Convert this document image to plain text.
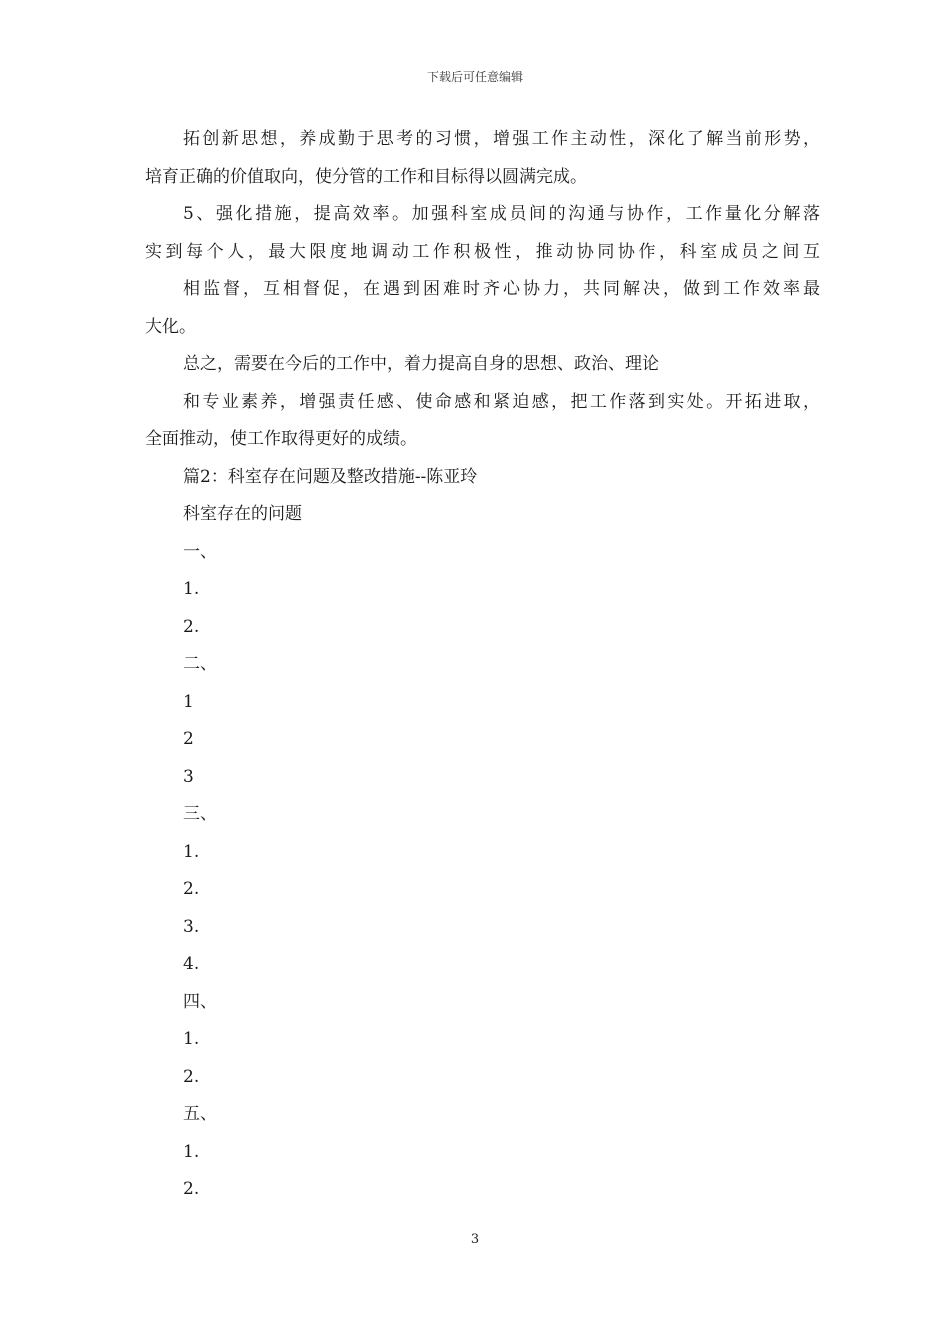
下载后可任意编辑
拓创新思想，养成勤于思考的习惯，增强工作主动性，深化了解当前形势，
培育正确的价值取向，使分管的工作和目标得以圆满完成。
5、强化措施，提高效率。加强科室成员间的沟通与协作，工作量化分解落
实到每个人，最大限度地调动工作积极性，推动协同协作，科室成员之间互
相监督，互相督促，在遇到困难时齐心协力，共同解决，做到工作效率最
大化。
总之，需要在今后的工作中，着力提高自身的思想、政治、理论
和专业素养，增强责任感、使命感和紧迫感，把工作落到实处。开拓进取，
全面推动，使工作取得更好的成绩。
篇2：科室存在问题及整改措施--陈亚玲
科室存在的问题
一、
1.
2.
二、
1
2
3
三、
1.
2.
3.
4.
四、
1.
2.
五、
1.
2.
3
